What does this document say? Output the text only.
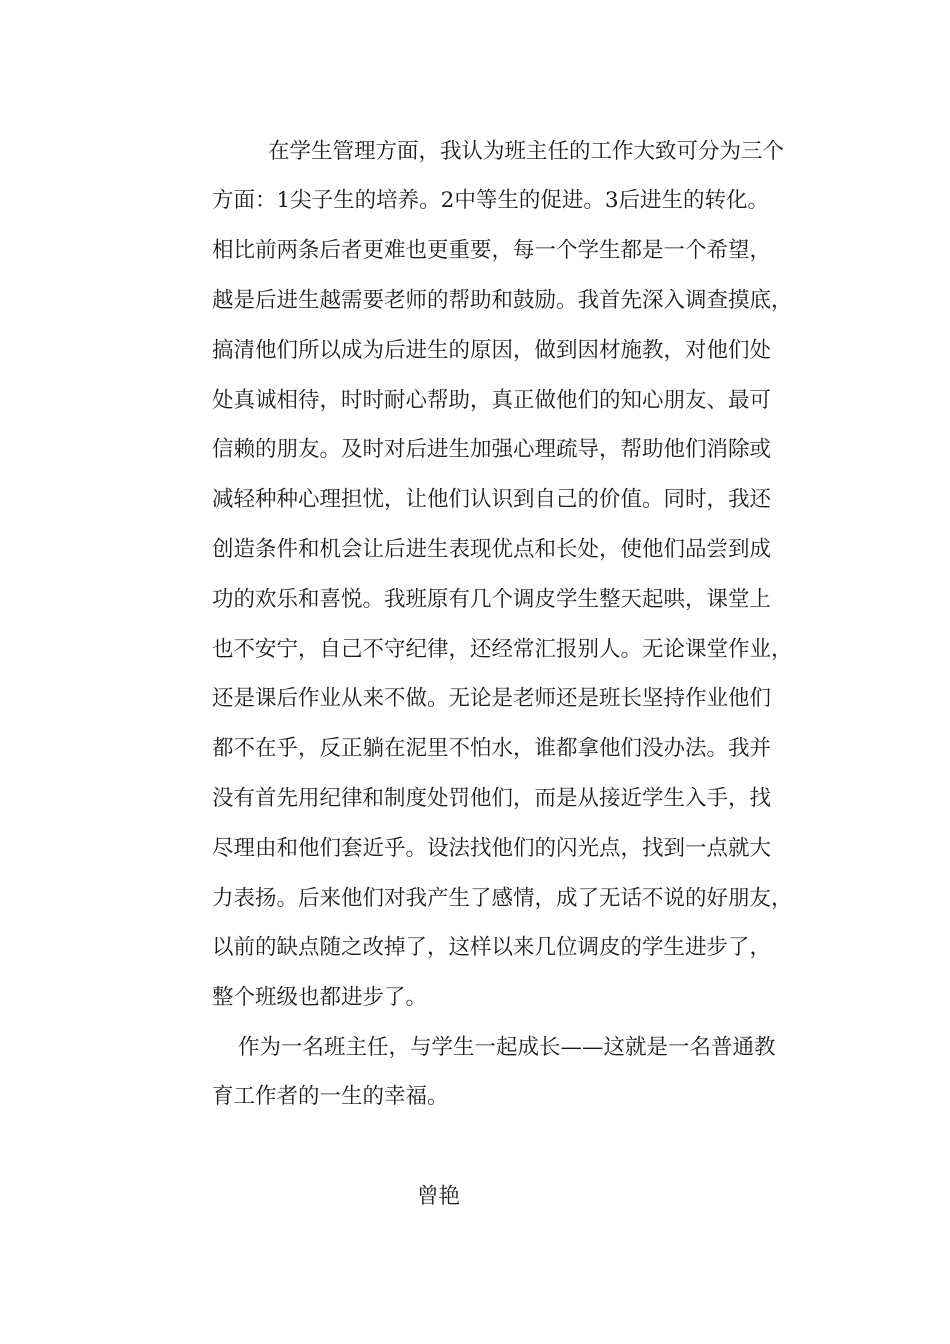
在学生管理方面，我认为班主任的工作大致可分为三个

方面：1尖子生的培养。2中等生的促进。3后进生的转化。

相比前两条后者更难也更重要，每一个学生都是一个希望，

越是后进生越需要老师的帮助和鼓励。我首先深入调查摸底，

搞清他们所以成为后进生的原因，做到因材施教，对他们处

处真诚相待，时时耐心帮助，真正做他们的知心朋友、最可

信赖的朋友。及时对后进生加强心理疏导，帮助他们消除或

减轻种种心理担忧，让他们认识到自己的价值。同时，我还

创造条件和机会让后进生表现优点和长处，使他们品尝到成

功的欢乐和喜悦。我班原有几个调皮学生整天起哄，课堂上

也不安宁，自己不守纪律，还经常汇报别人。无论课堂作业，

还是课后作业从来不做。无论是老师还是班长坚持作业他们

都不在乎，反正躺在泥里不怕水，谁都拿他们没办法。我并

没有首先用纪律和制度处罚他们，而是从接近学生入手，找

尽理由和他们套近乎。设法找他们的闪光点，找到一点就大

力表扬。后来他们对我产生了感情，成了无话不说的好朋友，

以前的缺点随之改掉了，这样以来几位调皮的学生进步了，

整个班级也都进步了。

作为一名班主任，与学生一起成长——这就是一名普通教

育工作者的一生的幸福。

曾艳
